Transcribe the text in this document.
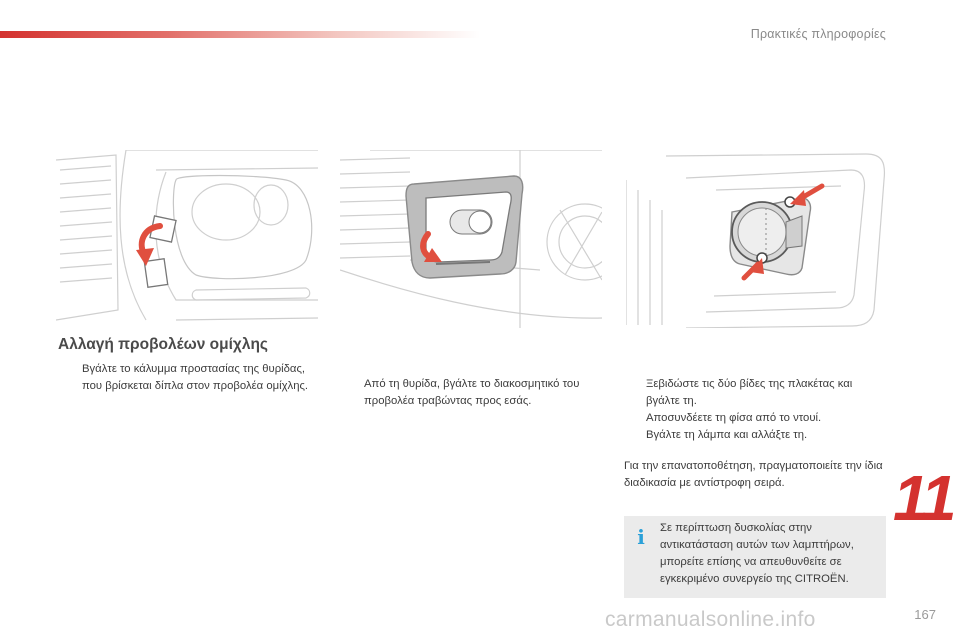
Πρακτικές πληροφορίες
Αλλαγή προβολέων ομίχλης
Βγάλτε το κάλυμμα προστασίας της θυρίδας, που βρίσκεται δίπλα στον προβολέα ομίχλης.	Από τη θυρίδα, βγάλτε το διακοσμητικό του προβολέα τραβώντας προς εσάς.
Ξεβιδώστε τις δύο βίδες της πλακέτας και βγάλτε τη.
Αποσυνδέετε τη φίσα από το ντουί.
Βγάλτε τη λάμπα και αλλάξτε τη.
Για την επανατοποθέτηση, πραγματοποιείτε την ίδια διαδικασία με αντίστροφη σειρά.
i Σε περίπτωση δυσκολίας στην αντικατάσταση αυτών των λαμπτήρων, μπορείτε επίσης να απευθυνθείτε σε εγκεκριμένο συνεργείο της CITROËN.
11
carmanualsonline.info	167
